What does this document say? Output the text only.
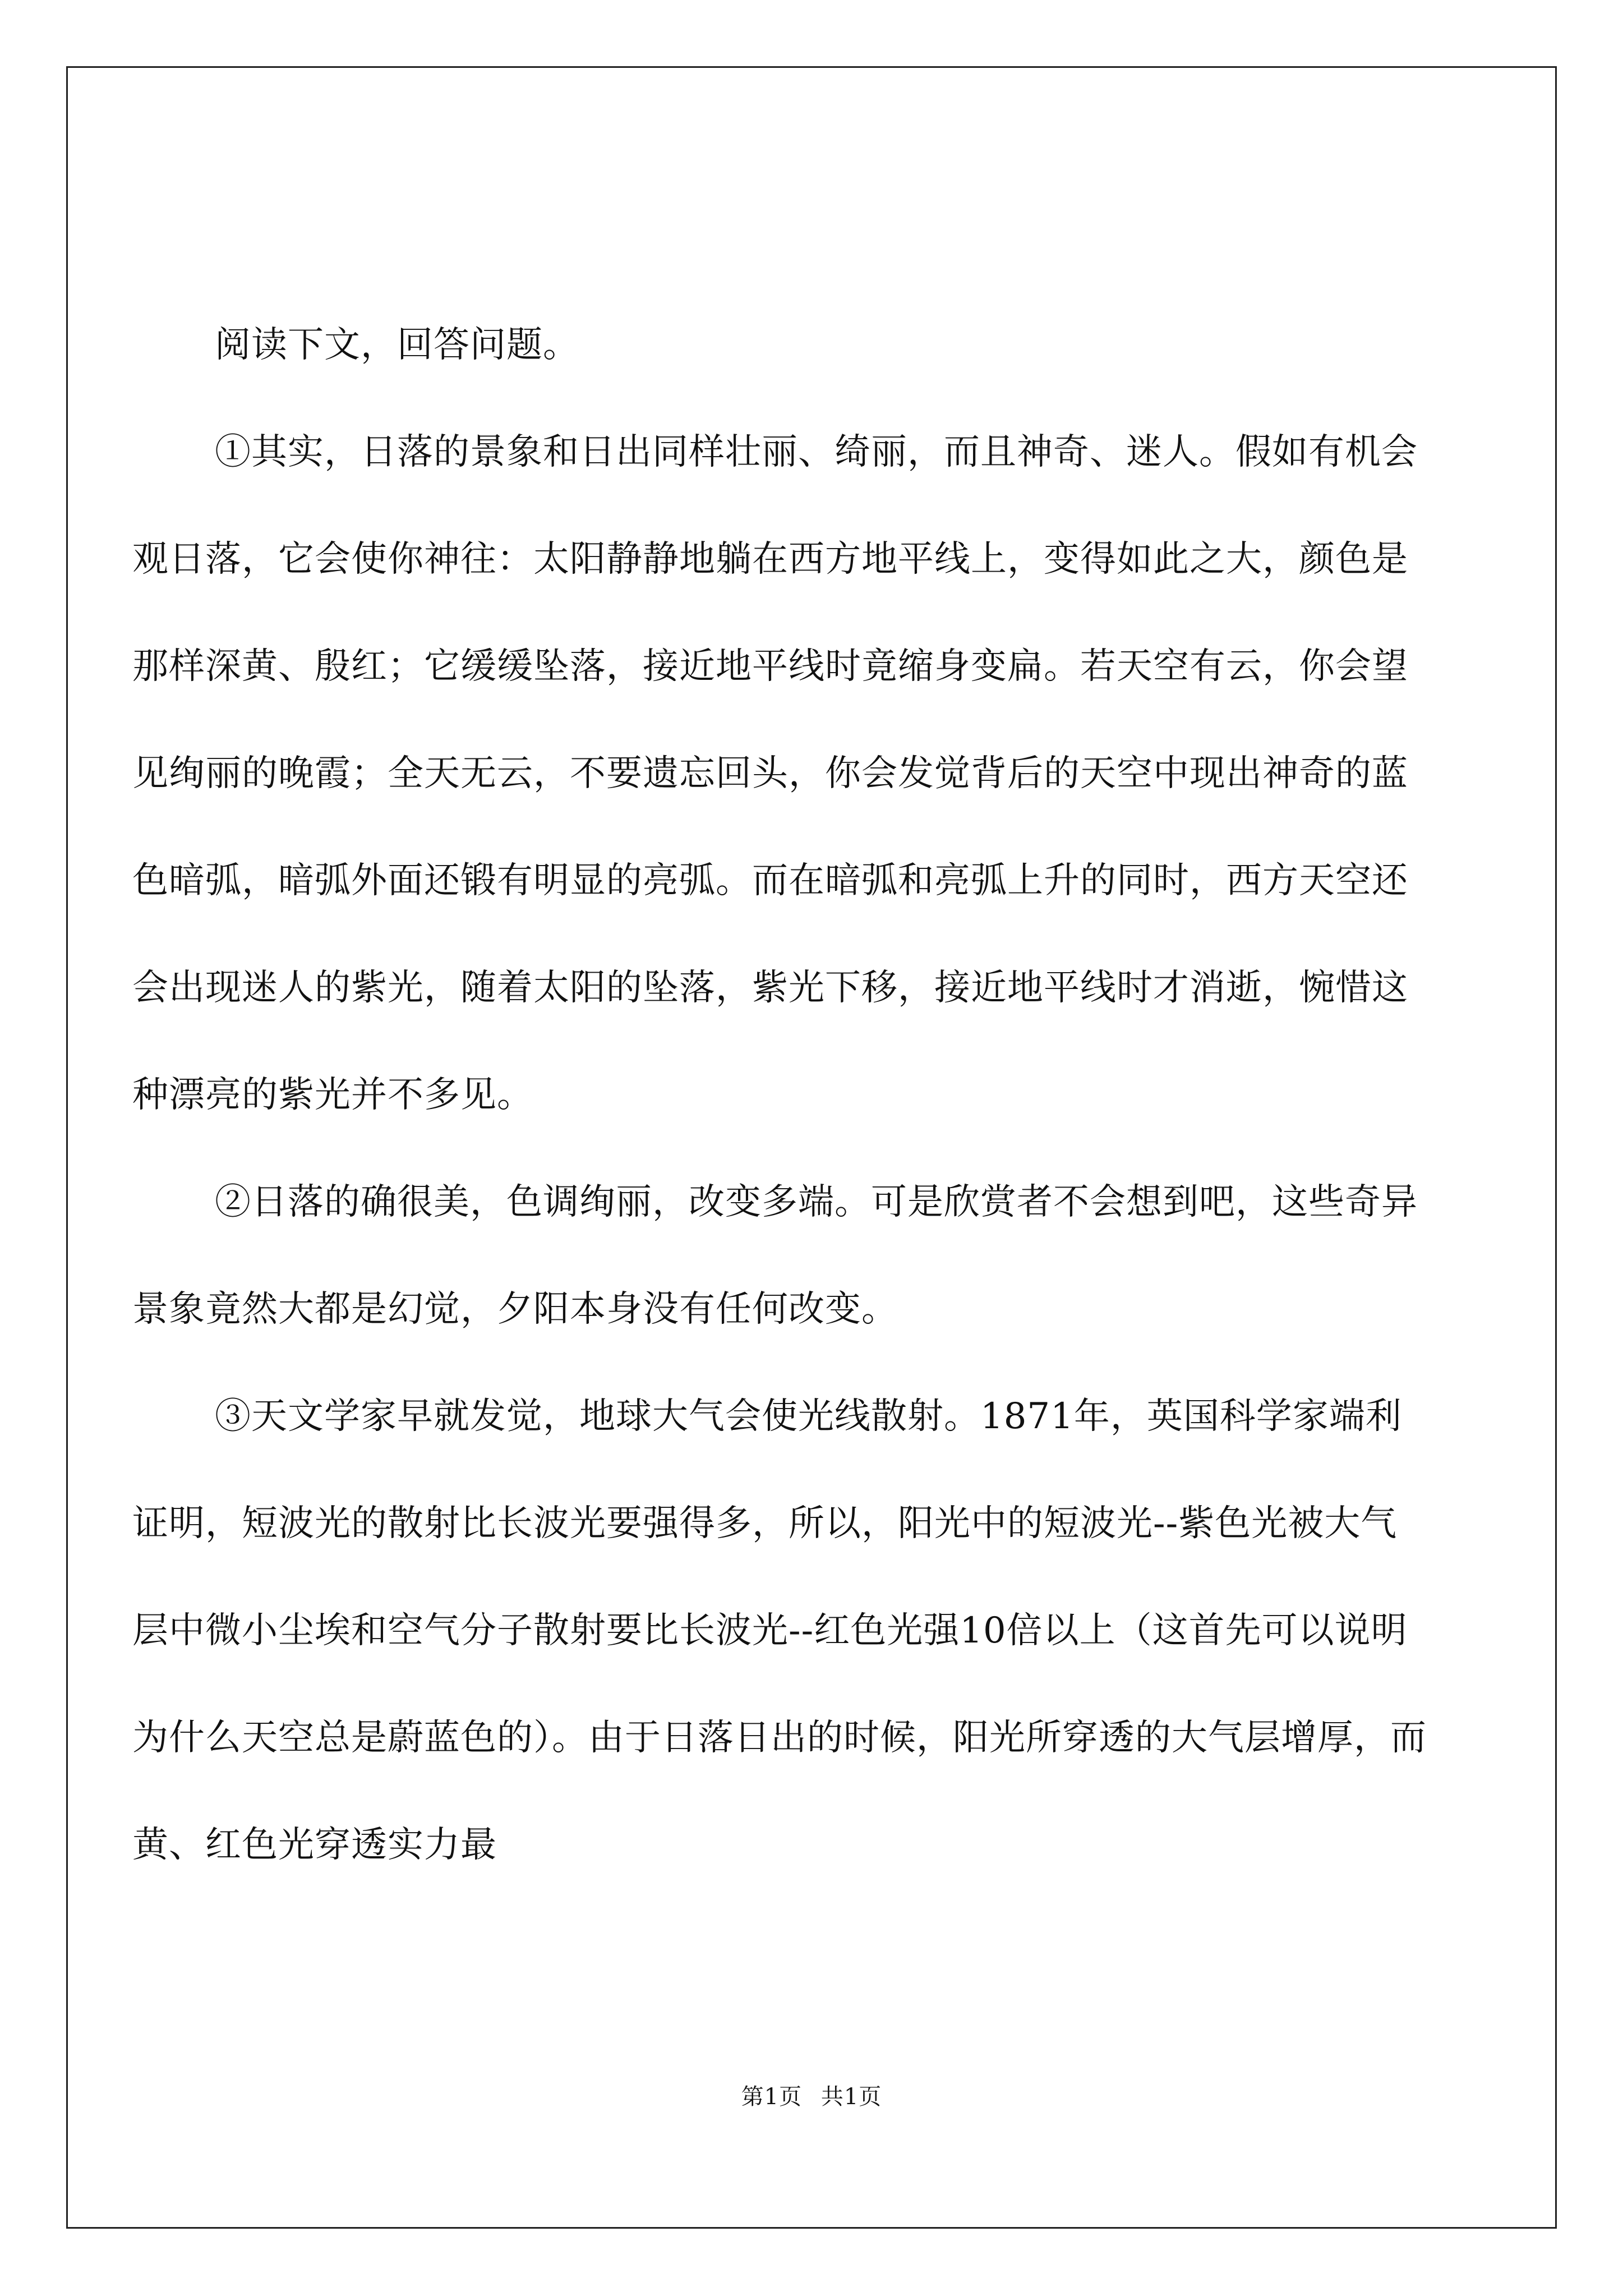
阅读下文，回答问题。

①其实，日落的景象和日出同样壮丽、绮丽，而且神奇、迷人。假如有机会观日落，它会使你神往：太阳静静地躺在西方地平线上，变得如此之大，颜色是那样深黄、殷红；它缓缓坠落，接近地平线时竟缩身变扁。若天空有云，你会望见绚丽的晚霞；全天无云，不要遗忘回头，你会发觉背后的天空中现出神奇的蓝色暗弧，暗弧外面还锻有明显的亮弧。而在暗弧和亮弧上升的同时，西方天空还会出现迷人的紫光，随着太阳的坠落，紫光下移，接近地平线时才消逝，惋惜这种漂亮的紫光并不多见。

②日落的确很美，色调绚丽，改变多端。可是欣赏者不会想到吧，这些奇异景象竟然大都是幻觉，夕阳本身没有任何改变。

③天文学家早就发觉，地球大气会使光线散射。1871年，英国科学家端利证明，短波光的散射比长波光要强得多，所以，阳光中的短波光--紫色光被大气层中微小尘埃和空气分子散射要比长波光--红色光强10倍以上（这首先可以说明为什么天空总是蔚蓝色的）。由于日落日出的时候，阳光所穿透的大气层增厚，而黄、红色光穿透实力最

第1页 共1页
